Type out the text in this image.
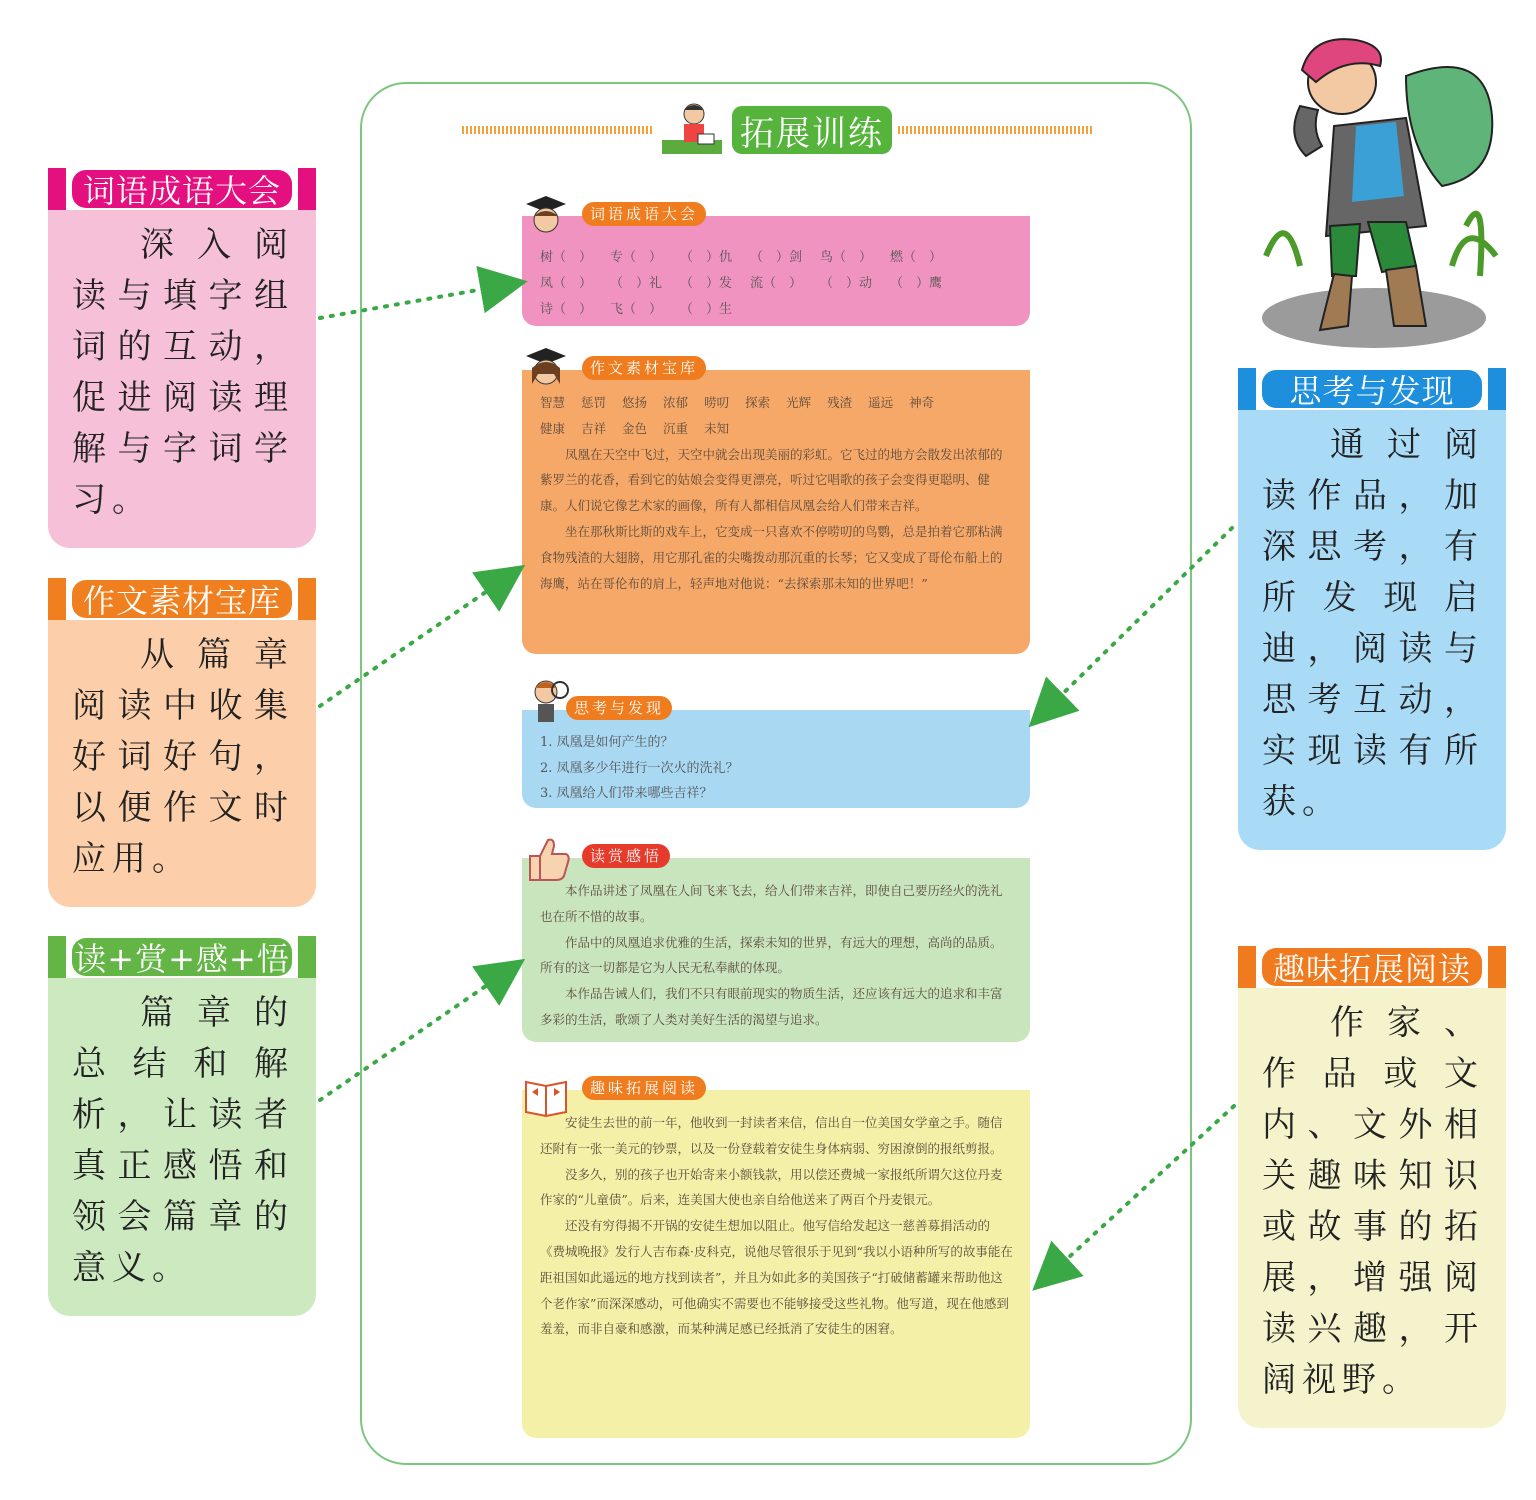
词语成语大会
深入阅读与填字组词的互动，促进阅读理解与字词学习。
作文素材宝库
从篇章阅读中收集好词好句，以便作文时应用。
读+赏+感+悟
篇章的总结和解析，让读者真正感悟和领会篇章的意义。
思考与发现
通过阅读作品，加深思考，有所发现启迪，阅读与思考互动，实现读有所获。
趣味拓展阅读
作家、作品或文内、文外相关趣味知识或故事的拓展，增强阅读兴趣，开阔视野。
拓展训练
词语成语大会
树（　）	专（　）	（　）仇	（　）剑	鸟（　）	燃（　）
凤（　）	（　）礼	（　）发	流（　）	（　）动	（　）鹰
诗（　）	飞（　）	（　）生
作文素材宝库
智慧 惩罚 悠扬 浓郁 唠叨 探索 光辉 残渣 遥远 神奇
健康 吉祥 金色 沉重 未知

凤凰在天空中飞过，天空中就会出现美丽的彩虹。它飞过的地方会散发出浓郁的紫罗兰的花香，看到它的姑娘会变得更漂亮，听过它唱歌的孩子会变得更聪明、健康。人们说它像艺术家的画像，所有人都相信凤凰会给人们带来吉祥。

坐在那秋斯比斯的戏车上，它变成一只喜欢不停唠叨的鸟鹦，总是拍着它那粘满食物残渣的大翅膀，用它那孔雀的尖嘴拨动那沉重的长琴；它又变成了哥伦布船上的海鹰，站在哥伦布的肩上，轻声地对他说：“去探索那未知的世界吧！”

思考与发现
1. 凤凰是如何产生的？
2. 凤凰多少年进行一次火的洗礼？
3. 凤凰给人们带来哪些吉祥？
读赏感悟

本作品讲述了凤凰在人间飞来飞去，给人们带来吉祥，即使自己要历经火的洗礼也在所不惜的故事。

作品中的凤凰追求优雅的生活，探索未知的世界，有远大的理想，高尚的品质。所有的这一切都是它为人民无私奉献的体现。

本作品告诫人们，我们不只有眼前现实的物质生活，还应该有远大的追求和丰富多彩的生活，歌颂了人类对美好生活的渴望与追求。

趣味拓展阅读

安徒生去世的前一年，他收到一封读者来信，信出自一位美国女学童之手。随信还附有一张一美元的钞票，以及一份登载着安徒生身体病弱、穷困潦倒的报纸剪报。

没多久，别的孩子也开始寄来小额钱款，用以偿还费城一家报纸所谓欠这位丹麦作家的“儿童债”。后来，连美国大使也亲自给他送来了两百个丹麦银元。

还没有穷得揭不开锅的安徒生想加以阻止。他写信给发起这一慈善募捐活动的《费城晚报》发行人吉布森·皮科克，说他尽管很乐于见到“我以小语种所写的故事能在距祖国如此遥远的地方找到读者”，并且为如此多的美国孩子“打破储蓄罐来帮助他这个老作家”而深深感动，可他确实不需要也不能够接受这些礼物。他写道，现在他感到羞羞，而非自豪和感激，而某种满足感已经抵消了安徒生的困窘。
